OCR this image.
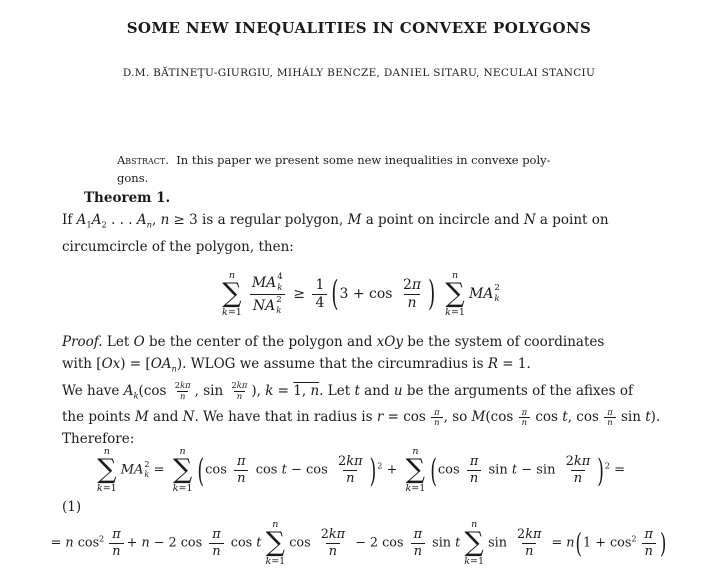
SOME NEW INEQUALITIES IN CONVEXE POLYGONS
D.M. BĂTINEŢU-GIURGIU, MIHÁLY BENCZE, DANIEL SITARU, NECULAI STANCIU
Abstract.  In this paper we present some new inequalities in convexe poly-
gons.
Theorem 1.
If $A_1A_2$ . . . $A_n$, n ≥ 3 is a regular polygon, M a point on incircle and N a point on
circumcircle of the polygon, then:
n
∑
k=1 MA 4
k
NA 2
$k \ge \frac{1}{4} (3 + \cos \frac{2\pi}{n}$ ) n
∑
k=1
MA 2
k
Proof. Let O be the center of the polygon and xOy be the system of coordinates
with $[Ox) = [OA_n)$. WLOG we assume that the circumradius is R = 1.
We have $A_k(\cos \frac{2k\pi}{n}$ , $\sin \frac{2k\pi}{n}$ ), k = 1, n. Let t and u be the arguments of the afixes of
the points M and N. We have that in radius is $r = \cos \frac{\pi}{n}$ , so $M(\cos \frac{\pi}{n}$ cos t, $\cos \frac{\pi}{n}$ sin t).
Therefore:
n
∑
k=1
MA 2
k =
n
∑
k=1 ($\cos \frac{\pi}{n}$ $\cos t - \cos \frac{2k\pi}{n} )^2$ +
n
∑
k=1 ($\cos \frac{\pi}{n}$ $\sin t - \sin \frac{2k\pi}{n} )^2$ =
(1)
= n $\cos^2 \frac{\pi}{n} + n - 2$ $\cos \frac{\pi}{n}$ cos t
n
∑
k=1
$\cos \frac{2k\pi}{n} - 2$ $\cos \frac{\pi}{n}$ sin t
n
∑
k=1
$\sin \frac{2k\pi}{n} = n(1 + \cos^2 \frac{\pi}{n}$ )
